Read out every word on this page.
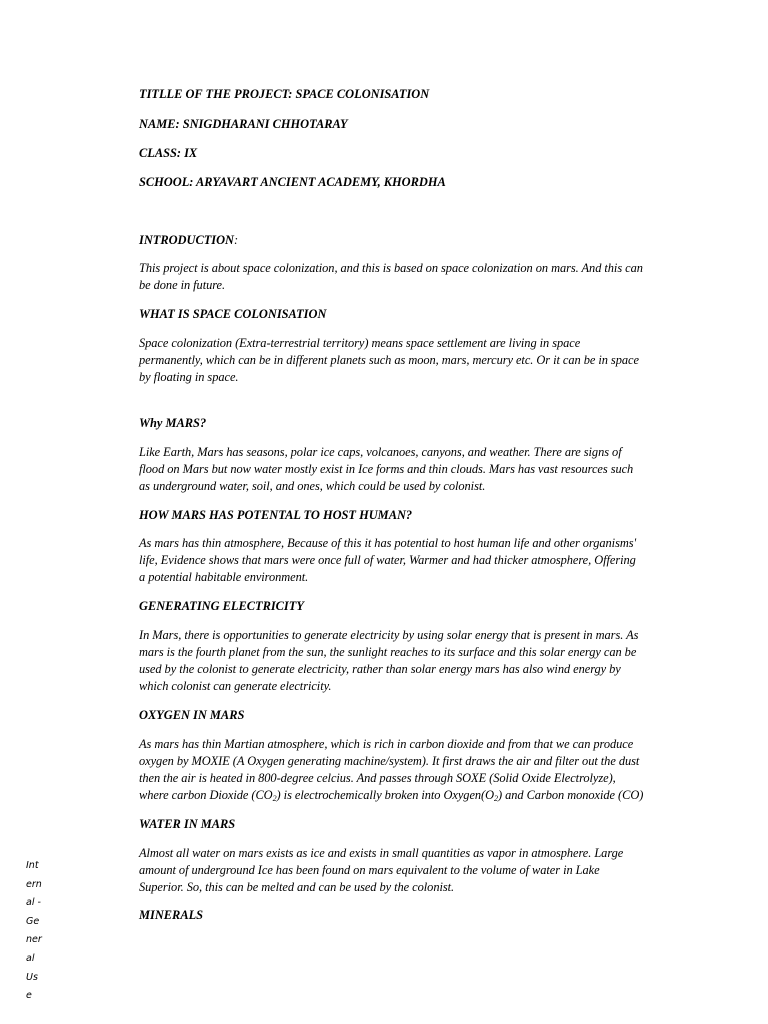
TITLLE OF THE PROJECT: SPACE COLONISATION

NAME: SNIGDHARANI CHHOTARAY

CLASS: IX

SCHOOL: ARYAVART ANCIENT ACADEMY, KHORDHA

INTRODUCTION:

This project is about space colonization, and this is based on space colonization on mars. And this can
be done in future.

WHAT IS SPACE COLONISATION

Space colonization (Extra-terrestrial territory) means space settlement are living in space
permanently, which can be in different planets such as moon, mars, mercury etc. Or it can be in space
by floating in space.

Why MARS?

Like Earth, Mars has seasons, polar ice caps, volcanoes, canyons, and weather. There are signs of
flood on Mars but now water mostly exist in Ice forms and thin clouds. Mars has vast resources such
as underground water, soil, and ones, which could be used by colonist.

HOW MARS HAS POTENTAL TO HOST HUMAN?

As mars has thin atmosphere, Because of this it has potential to host human life and other organisms'
life, Evidence shows that mars were once full of water, Warmer and had thicker atmosphere, Offering
a potential habitable environment.

GENERATING ELECTRICITY

In Mars, there is opportunities to generate electricity by using solar energy that is present in mars. As
mars is the fourth planet from the sun, the sunlight reaches to its surface and this solar energy can be
used by the colonist to generate electricity, rather than solar energy mars has also wind energy by
which colonist can generate electricity.

OXYGEN IN MARS

As mars has thin Martian atmosphere, which is rich in carbon dioxide and from that we can produce
oxygen by MOXIE (A Oxygen generating machine/system). It first draws the air and filter out the dust
then the air is heated in 800-degree celcius. And passes through SOXE (Solid Oxide Electrolyze),

where carbon Dioxide $(CO_2)$ is electrochemically broken into $Oxygen(O_2)$ and Carbon monoxide (CO)

WATER IN MARS

Almost all water on mars exists as ice and exists in small quantities as vapor in atmosphere. Large
amount of underground Ice has been found on mars equivalent to the volume of water in Lake
Superior. So, this can be melted and can be used by the colonist.

MINERALS

Int
ern
al -
Ge
ner
al
Us
e
